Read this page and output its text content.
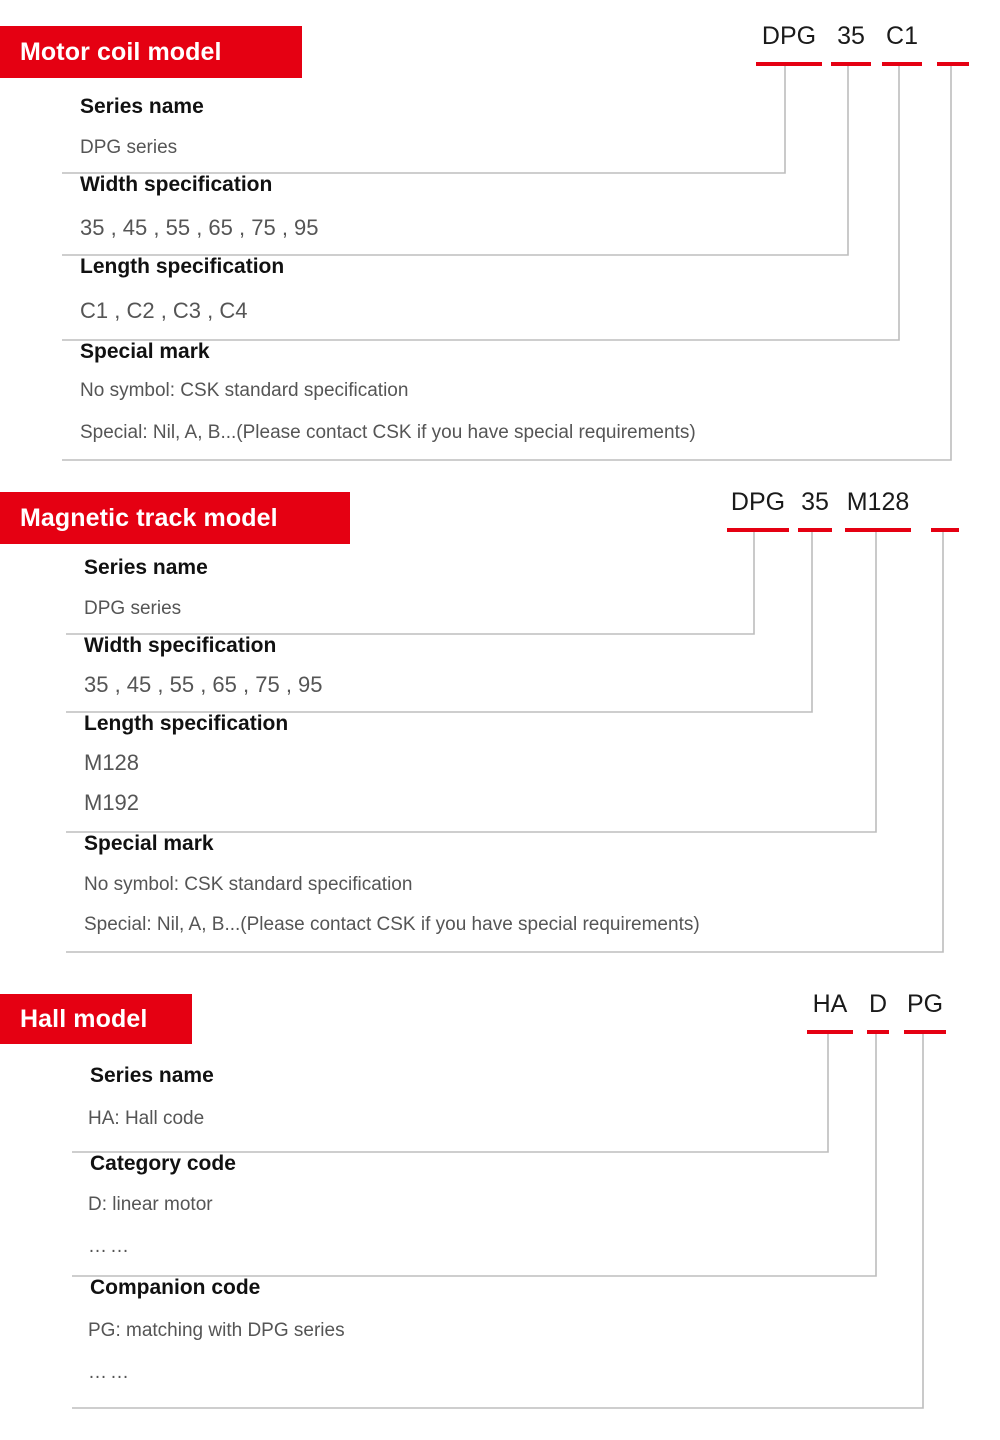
Motor coil model
DPG 35 C1
Series name
DPG series
Width specification
35 , 45 , 55 , 65 , 75 , 95
Length specification
C1 , C2 , C3 , C4
Special mark
No symbol: CSK standard specification
Special: Nil, A, B...(Please contact CSK if you have special requirements)
Magnetic track model
DPG 35 M128
Series name
DPG series
Width specification
35 , 45 , 55 , 65 , 75 , 95
Length specification
M128
M192
Special mark
No symbol: CSK standard specification
Special: Nil, A, B...(Please contact CSK if you have special requirements)
Hall model
HA D PG
Series name
HA: Hall code
Category code
D: linear motor
……
Companion code
PG: matching with DPG series
……
